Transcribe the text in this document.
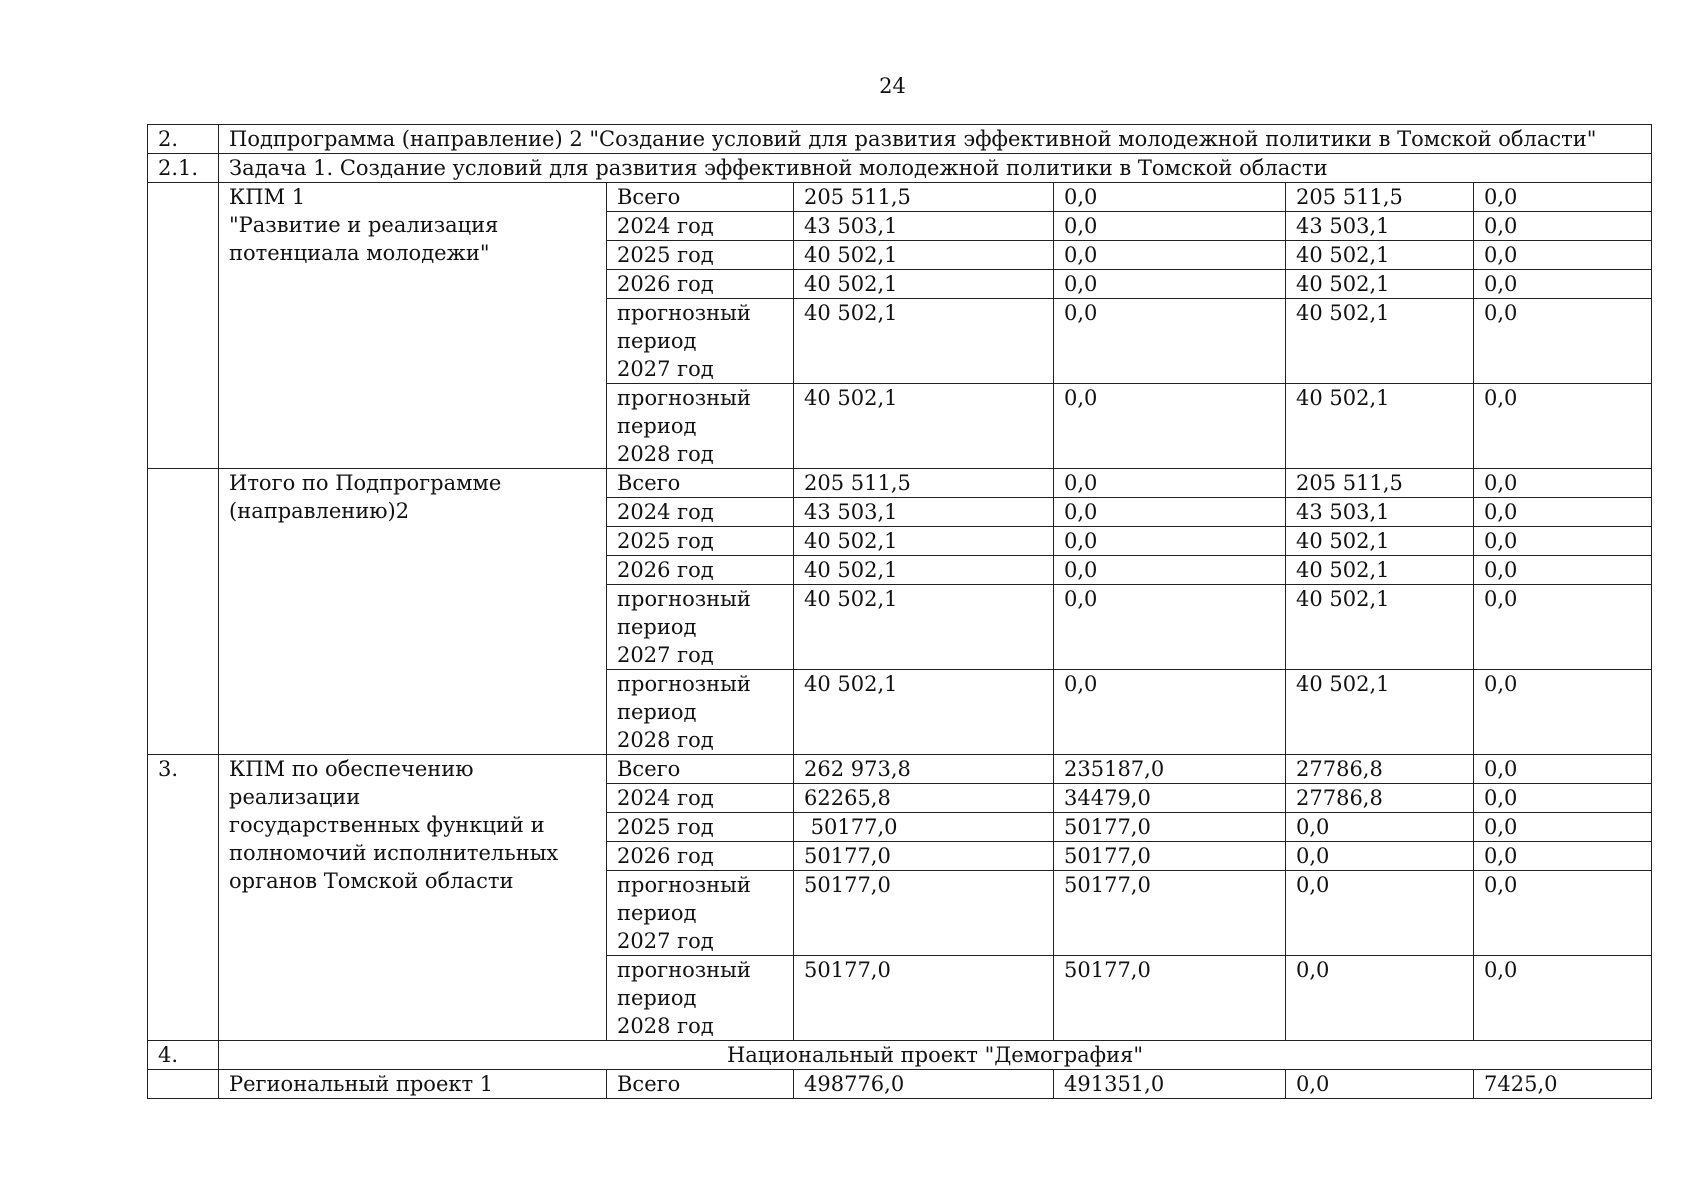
24
2.	Подпрограмма (направление) 2 "Создание условий для развития эффективной молодежной политики в Томской области"					
2.1.	Задача 1. Создание условий для развития эффективной молодежной политики в Томской области					

	КПМ 1
"Развитие и реализация
потенциала молодежи"	Всего	205 511,5	0,0	205 511,5	0,0

		2024 год	43 503,1	0,0	43 503,1	0,0

		2025 год	40 502,1	0,0	40 502,1	0,0

		2026 год	40 502,1	0,0	40 502,1	0,0

		прогнозный
период
2027 год	40 502,1	0,0	40 502,1	0,0

		прогнозный
период
2028 год	40 502,1	0,0	40 502,1	0,0

	Итого по Подпрограмме
(направлению)2	Всего	205 511,5	0,0	205 511,5	0,0

		2024 год	43 503,1	0,0	43 503,1	0,0

		2025 год	40 502,1	0,0	40 502,1	0,0

		2026 год	40 502,1	0,0	40 502,1	0,0

		прогнозный
период
2027 год	40 502,1	0,0	40 502,1	0,0

		прогнозный
период
2028 год	40 502,1	0,0	40 502,1	0,0
3.	КПМ по обеспечению реализации
государственных функций и
полномочий исполнительных
органов Томской области	Всего	262 973,8	235187,0	27786,8	0,0

		2024 год	62265,8	34479,0	27786,8	0,0

		2025 год	50177,0	50177,0	0,0	0,0

		2026 год	50177,0	50177,0	0,0	0,0

		прогнозный
период
2027 год	50177,0	50177,0	0,0	0,0

		прогнозный
период
2028 год	50177,0	50177,0	0,0	0,0
4.	Национальный проект "Демография"					
	Региональный проект 1	Всего	498776,0	491351,0	0,0	7425,0
